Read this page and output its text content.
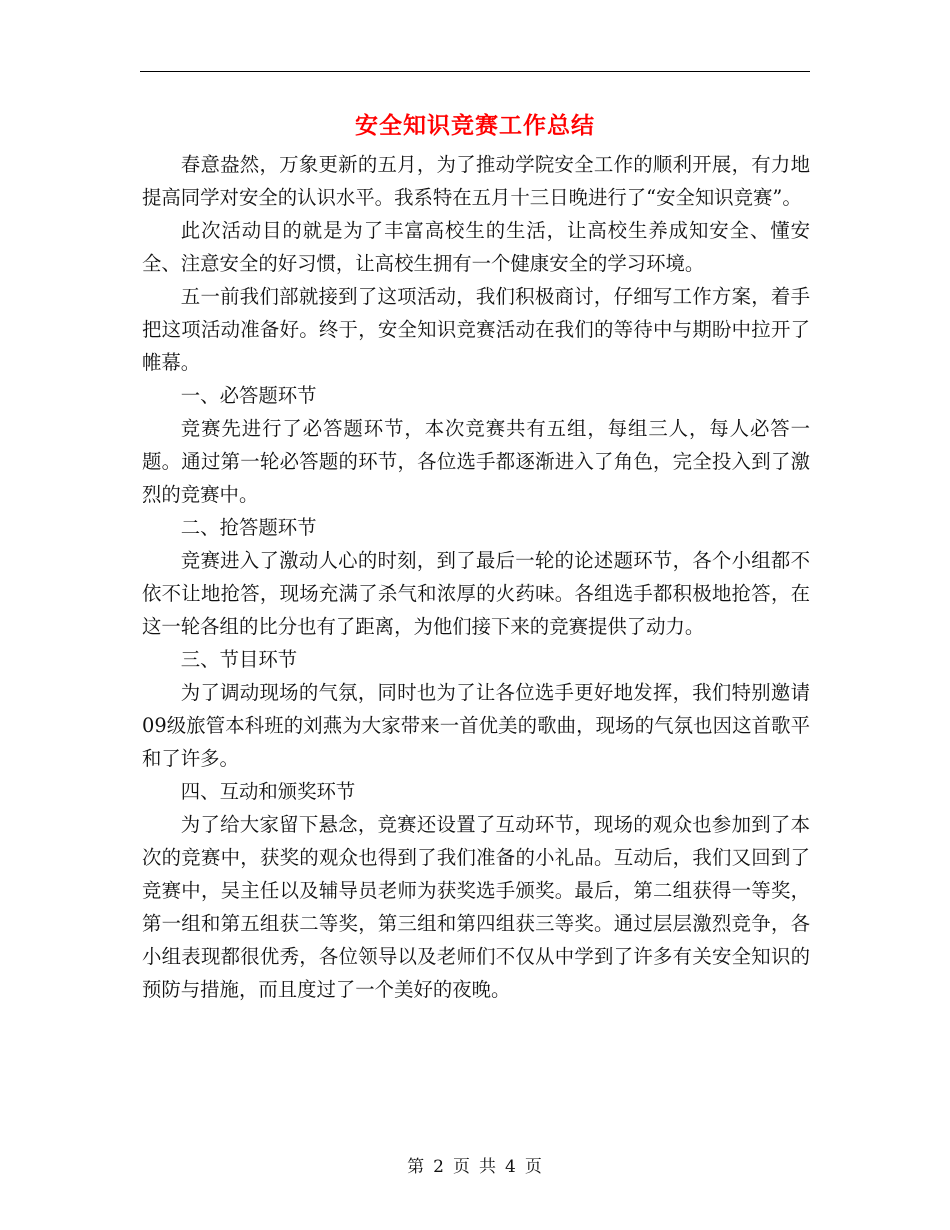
安全知识竞赛工作总结

春意盎然，万象更新的五月，为了推动学院安全工作的顺利开展，有力地提高同学对安全的认识水平。我系特在五月十三日晚进行了“安全知识竞赛”。

此次活动目的就是为了丰富高校生的生活，让高校生养成知安全、懂安全、注意安全的好习惯，让高校生拥有一个健康安全的学习环境。

五一前我们部就接到了这项活动，我们积极商讨，仔细写工作方案，着手把这项活动准备好。终于，安全知识竞赛活动在我们的等待中与期盼中拉开了帷幕。

一、必答题环节

竞赛先进行了必答题环节，本次竞赛共有五组，每组三人，每人必答一题。通过第一轮必答题的环节，各位选手都逐渐进入了角色，完全投入到了激烈的竞赛中。

二、抢答题环节

竞赛进入了激动人心的时刻，到了最后一轮的论述题环节，各个小组都不依不让地抢答，现场充满了杀气和浓厚的火药味。各组选手都积极地抢答，在这一轮各组的比分也有了距离，为他们接下来的竞赛提供了动力。

三、节目环节

为了调动现场的气氛，同时也为了让各位选手更好地发挥，我们特别邀请09级旅管本科班的刘燕为大家带来一首优美的歌曲，现场的气氛也因这首歌平和了许多。

四、互动和颁奖环节

为了给大家留下悬念，竞赛还设置了互动环节，现场的观众也参加到了本次的竞赛中，获奖的观众也得到了我们准备的小礼品。互动后，我们又回到了竞赛中，吴主任以及辅导员老师为获奖选手颁奖。最后，第二组获得一等奖，第一组和第五组获二等奖，第三组和第四组获三等奖。通过层层激烈竞争，各小组表现都很优秀，各位领导以及老师们不仅从中学到了许多有关安全知识的预防与措施，而且度过了一个美好的夜晚。

第 2 页 共 4 页
